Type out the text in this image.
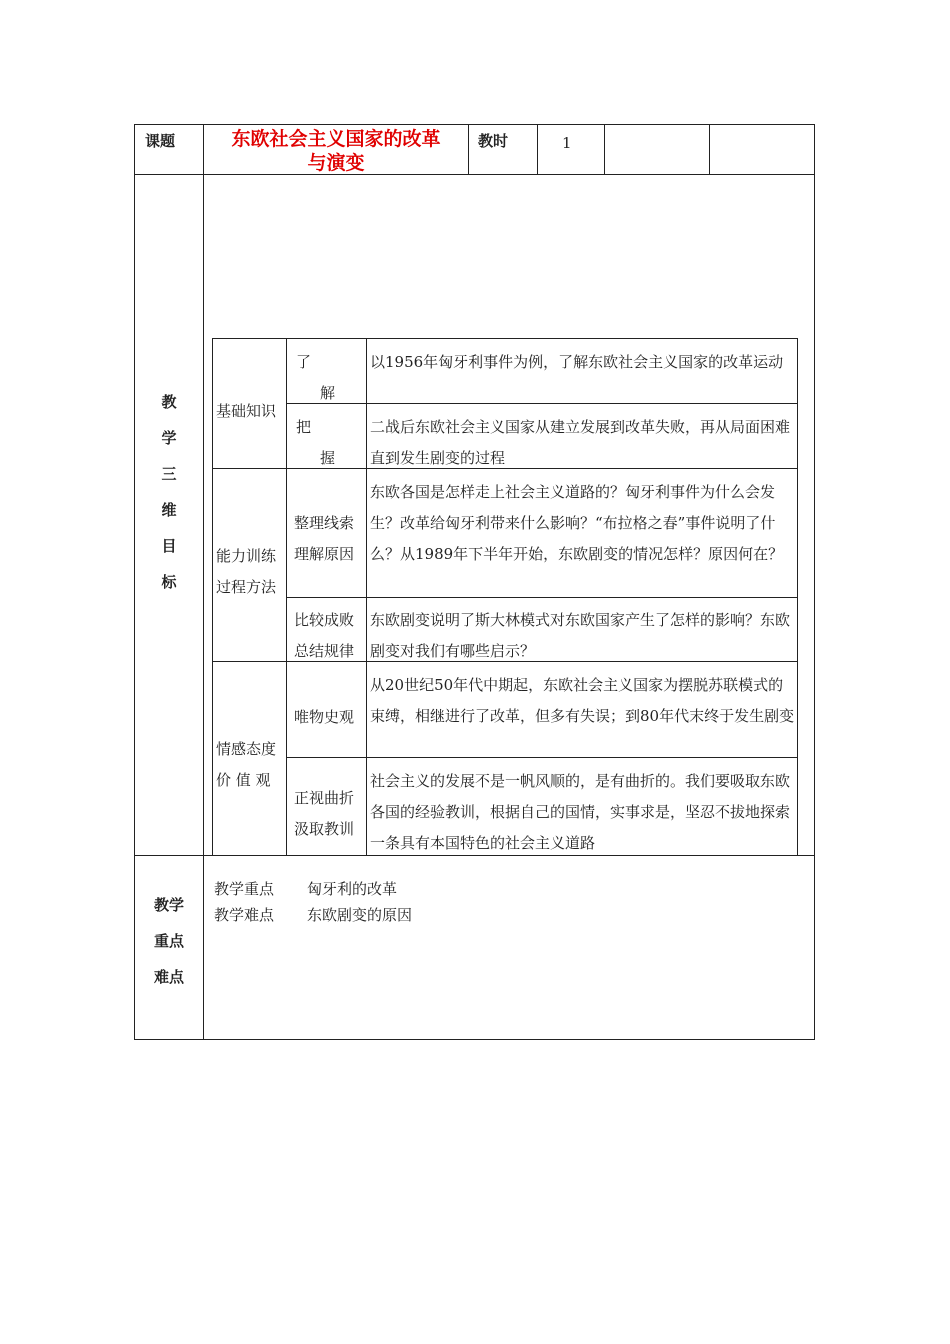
课题	东欧社会主义国家的改革
与演变
教时	1
教
学
三
维
目
标
基础知识
了
解
以1956年匈牙利事件为例，了解东欧社会主义国家的改革运动
把
握
二战后东欧社会主义国家从建立发展到改革失败，再从局面困难直到发生剧变的过程
能力训练
过程方法
整理线索
理解原因
东欧各国是怎样走上社会主义道路的？匈牙利事件为什么会发生？改革给匈牙利带来什么影响？“布拉格之春”事件说明了什么？从1989年下半年开始，东欧剧变的情况怎样？原因何在？
比较成败
总结规律
东欧剧变说明了斯大林模式对东欧国家产生了怎样的影响？东欧剧变对我们有哪些启示？
情感态度
价 值 观
唯物史观
从20世纪50年代中期起，东欧社会主义国家为摆脱苏联模式的束缚，相继进行了改革，但多有失误；到80年代末终于发生剧变
正视曲折
汲取教训
社会主义的发展不是一帆风顺的，是有曲折的。我们要吸取东欧各国的经验教训，根据自己的国情，实事求是，坚忍不拔地探索一条具有本国特色的社会主义道路
教学
重点
难点
教学重点 匈牙利的改革
教学难点 东欧剧变的原因
